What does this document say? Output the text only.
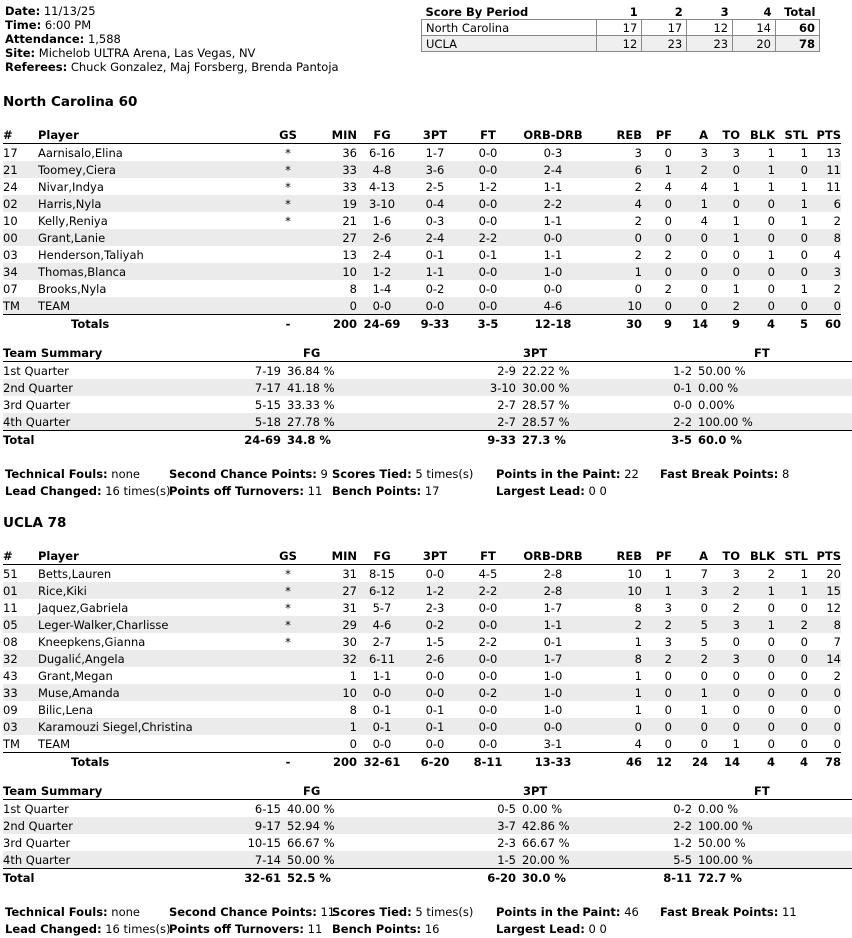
Date: 11/13/25
Time: 6:00 PM
Attendance: 1,588
Site: Michelob ULTRA Arena, Las Vegas, NV
Referees: Chuck Gonzalez, Maj Forsberg, Brenda Pantoja
Score By Period	1	2	3	4	Total
North Carolina	17	17	12	14	60
UCLA	12	23	23	20	78
North Carolina 60
#	Player	GS	MIN	FG	3PT	FT	ORB-DRB	REB	PF	A	TO	BLK	STL	PTS
17	Aarnisalo,Elina	*	36	6-16	1-7	0-0	0-3	3	0	3	3	1	1	13
21	Toomey,Ciera	*	33	4-8	3-6	0-0	2-4	6	1	2	0	1	0	11
24	Nivar,Indya	*	33	4-13	2-5	1-2	1-1	2	4	4	1	1	1	11
02	Harris,Nyla	*	19	3-10	0-4	0-0	2-2	4	0	1	0	0	1	6
10	Kelly,Reniya	*	21	1-6	0-3	0-0	1-1	2	0	4	1	0	1	2
00	Grant,Lanie		27	2-6	2-4	2-2	0-0	0	0	0	1	0	0	8
03	Henderson,Taliyah		13	2-4	0-1	0-1	1-1	2	2	0	0	1	0	4
34	Thomas,Blanca		10	1-2	1-1	0-0	1-0	1	0	0	0	0	0	3
07	Brooks,Nyla		8	1-4	0-2	0-0	0-0	0	2	0	1	0	1	2
TM	TEAM		0	0-0	0-0	0-0	4-6	10	0	0	2	0	0	0
	Totals	-	200	24-69	9-33	3-5	12-18	30	9	14	9	4	5	60
Team Summary	FG			3PT			FT	
1st Quarter	7-19	36.84 %		2-9	22.22 %	1-2	50.00 %	
2nd Quarter	7-17	41.18 %		3-10	30.00 %	0-1	0.00 %	
3rd Quarter	5-15	33.33 %		2-7	28.57 %	0-0	0.00%	
4th Quarter	5-18	27.78 %		2-7	28.57 %	2-2	100.00 %	
Total	24-69	34.8 %		9-33	27.3 %	3-5	60.0 %	
Technical Fouls: none	Second Chance Points: 9 Scores Tied: 5 times(s) Points in the Paint: 22 Fast Break Points: 8
Lead Changed: 16 times(s)
Points off Turnovers: 11 Bench Points: 17	Largest Lead: 0 0
UCLA 78
#	Player	GS	MIN	FG	3PT	FT	ORB-DRB	REB	PF	A	TO	BLK	STL	PTS
51	Betts,Lauren	*	31	8-15	0-0	4-5	2-8	10	1	7	3	2	1	20
01	Rice,Kiki	*	27	6-12	1-2	2-2	2-8	10	1	3	2	1	1	15
11	Jaquez,Gabriela	*	31	5-7	2-3	0-0	1-7	8	3	0	2	0	0	12
05	Leger-Walker,Charlisse	*	29	4-6	0-2	0-0	1-1	2	2	5	3	1	2	8
08	Kneepkens,Gianna	*	30	2-7	1-5	2-2	0-1	1	3	5	0	0	0	7
32	Dugalić,Angela		32	6-11	2-6	0-0	1-7	8	2	2	3	0	0	14
43	Grant,Megan		1	1-1	0-0	0-0	1-0	1	0	0	0	0	0	2
33	Muse,Amanda		10	0-0	0-0	0-2	1-0	1	0	1	0	0	0	0
09	Bilic,Lena		8	0-1	0-1	0-0	1-0	1	0	1	0	0	0	0
03	Karamouzi Siegel,Christina		1	0-1	0-1	0-0	0-0	0	0	0	0	0	0	0
TM	TEAM		0	0-0	0-0	0-0	3-1	4	0	0	1	0	0	0
	Totals	-	200	32-61	6-20	8-11	13-33	46	12	24	14	4	4	78
Team Summary	FG			3PT			FT	
1st Quarter	6-15	40.00 %		0-5	0.00 %	0-2	0.00 %	
2nd Quarter	9-17	52.94 %		3-7	42.86 %	2-2	100.00 %	
3rd Quarter	10-15	66.67 %		2-3	66.67 %	1-2	50.00 %	
4th Quarter	7-14	50.00 %		1-5	20.00 %	5-5	100.00 %	
Total	32-61	52.5 %		6-20	30.0 %	8-11	72.7 %	
Technical Fouls: none	Second Chance Points: 11
Scores Tied: 5 times(s) Points in the Paint: 46 Fast Break Points: 11
Lead Changed: 16 times(s)
Points off Turnovers: 11 Bench Points: 16	Largest Lead: 0 0
